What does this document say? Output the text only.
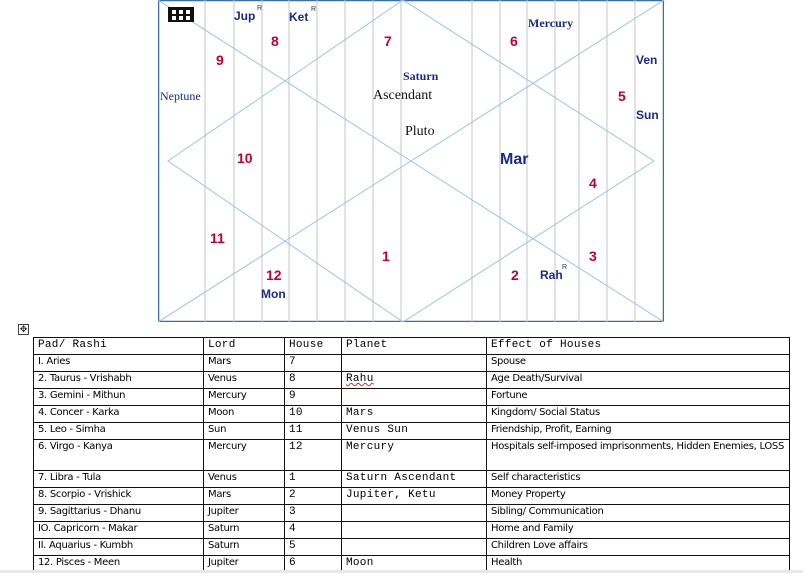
1
2
3
4
5
6
7
8
9
10
11
12
Jup
R
Ket
R
Mercury
Ven
Sun
Neptune
Saturn
Ascendant
Pluto
Mar
Rah
R
Mon
✥
Pad/ Rashi	Lord	House	Planet	Effect of Houses
I. Aries	Mars	7		Spouse
2. Taurus - Vrishabh	Venus	8	Rahu	Age Death/Survival
3. Gemini - Mithun	Mercury	9		Fortune
4. Concer - Karka	Moon	10	Mars	Kingdom/ Social Status
5. Leo - Simha	Sun	11	Venus Sun	Friendship, Profit, Earning
6. Virgo - Kanya	Mercury	12	Mercury	Hospitals self-imposed imprisonments, Hidden Enemies, LOSS
7. Libra - Tula	Venus	1	Saturn Ascendant	Self characteristics
8. Scorpio - Vrishick	Mars	2	Jupiter, Ketu	Money Property
9. Sagittarius - Dhanu	Jupiter	3		Sibling/ Communication
IO. Capricorn - Makar	Saturn	4		Home and Family
II. Aquarius - Kumbh	Saturn	5		Children Love affairs
12. Pisces - Meen	Jupiter	6	Moon	Health
